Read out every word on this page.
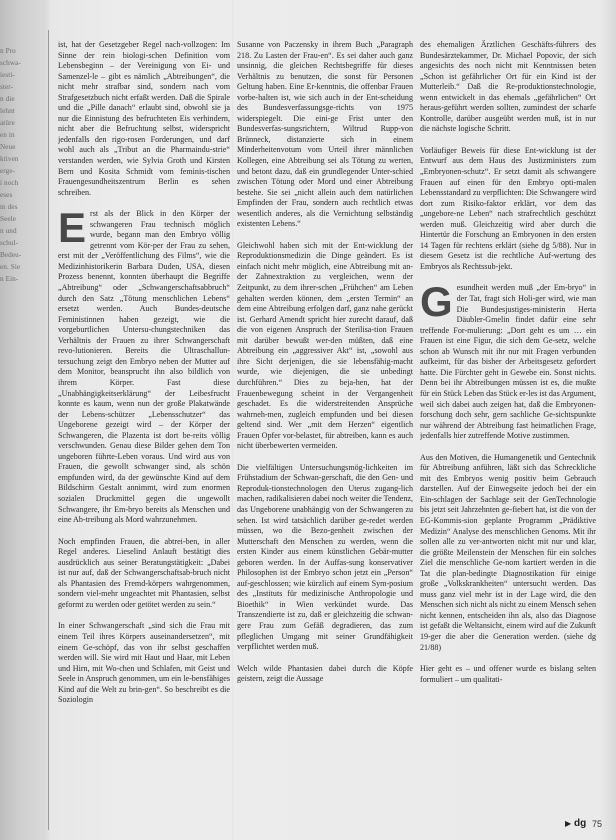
n Pro

schwa-

iesti-

ster-

n die

lehnt

atüre

en in

Neue

ktiven

erge-

i noch

eses

m des

Seele

n und

schul-

Bedeu-

en. Sie

n Ein-

ist, hat der Gesetzgeber Regel nach-vollzogen: Im Sinne der rein biologi-schen Definition vom Lebensbeginn – der Vereinigung von Ei- und Samenzel-le – gibt es nämlich „Abtreibungen“, die nicht mehr strafbar sind, sondern nach vom Strafgesetzbuch nicht erfaßt werden. Daß die Spirale und die „Pille danach“ erlaubt sind, obwohl sie ja nur die Einnistung des befruchteten Eis verhindern, nicht aber die Befruchtung selbst, widerspricht jedenfalls den rigo-rosen Forderungen, und darf wohl auch als „Tribut an die Pharmaindu-strie“ verstanden werden, wie Sylvia Groth und Kirsten Bern und Kosita Schmidt vom feminis-tischen Frauengesundheitszentrum Berlin es sehen schreiben.

Erst als der Blick in den Körper der schwangeren Frau technisch möglich wurde, begann man den Embryo völlig getrennt vom Kör-per der Frau zu sehen, erst mit der „Veröffentlichung des Films“, wie die Medizinhistorikerin Barbara Duden, USA, diesen Prozess benennt, konnten überhaupt die Begriffe „Abtreibung“ oder „Schwangerschaftsabbruch“ durch den Satz „Tötung menschlichen Lebens“ ersetzt werden. Auch Bundes-deutsche Feministinnen haben gezeigt, wie die vorgeburtlichen Untersu-chungstechniken das Verhältnis der Frauen zu ihrer Schwangerschaft revo-lutionieren. Bereits die Ultraschallun-tersuchung zeigt den Embryo neben der Mutter auf dem Monitor, beansprucht ihn also bildlich von ihrem Körper. Fast diese „Unabhängigkeitserklärung“ der Leibesfrucht konnte es kaum, wenn nun der große Plakatwände der Lebens-schützer „Lebensschutzer“ das Ungeborene gezeigt wird – der Körper der Schwangeren, die Plazenta ist dort be-reits völlig verschwunden. Genau diese Bilder gehen dem Ton ungeboren führte-Leben voraus. Und wird aus von Frauen, die gewollt schwanger sind, als schön empfunden wird, da der gewünschte Kind auf dem Bildschirm Gestalt annimmt, wird zum enormen sozialen Druckmittel gegen die ungewollt Schwangere, ihr Em-bryo bereits als Menschen und eine Ab-treibung als Mord wahrzunehmen.

Noch empfinden Frauen, die abtrei-ben, in aller Regel anderes. Lieselind Anlauft bestätigt dies ausdrücklich aus seiner Beratungstätigkeit: „Dabei ist nur auf, daß der Schwangerschaftsab-bruch nicht als Phantasien des Fremd-körpers wahrgenommen, sondern viel-mehr ungeachtet mit Phantasien, selbst geformt zu werden oder getötet werden zu sein.“

In einer Schwangerschaft „sind sich die Frau mit einem Teil ihres Körpers auseinandersetzen“, mit einem Ge-schöpf, das von ihr selbst geschaffen werden will. Sie wird mit Haut und Haar, mit Leben und Hirn, mit Wo-chen und Schlafen, mit Geist und Seele in Anspruch genommen, um ein le-bensfähiges Kind auf die Welt zu brin-gen“. So beschreibt es die Soziologin

Susanne von Paczensky in ihrem Buch „Paragraph 218. Zu Lasten der Frau-en“. Es sei daher auch ganz unsinnig, die gleichen Rechtsbegriffe für dieses Verhältnis zu benutzen, die sonst für Personen Geltung haben. Eine Er-kenntnis, die offenbar Frauen vorbe-halten ist, wie sich auch in der Ent-scheidung des Bundesverfassungsge-richts von 1975 widerspiegelt. Die eini-ge Frist unter den Bundesverfas-sungsrichtern, Wiltrud Rupp-von Brünneck, distanzierte sich in einem Minderheitenvotum vom Urteil ihrer männlichen Kollegen, eine Abtreibung sei als Tötung zu werten, und betont dazu, daß ein grundlegender Unter-schied zwischen Tötung oder Mord und einer Abtreibung bestehe. Sie sei „nicht allein auch dem natürlichen Empfinden der Frau, sondern auch rechtlich etwas wesentlich anderes, als die Vernichtung selbständig existenten Lebens.“

Gleichwohl haben sich mit der Ent-wicklung der Reproduktionsmedizin die Dinge geändert. Es ist einfach nicht mehr möglich, eine Abtreibung mit an-der Zahnextraktion zu vergleichen, wenn der Zeitpunkt, zu dem ihrer-schen „Frühchen“ am Leben gehalten werden können, dem „ersten Termin“ an dem eine Abtreibung erfolgen darf, ganz nahe gerückt ist. Gerhard Amendt spricht hier zurecht darauf, daß die von eigenen Anspruch der Sterilisa-tion Frauen mit darüber bewußt wer-den müßten, daß eine Abtreibung ein „aggressiver Akt“ ist, „sowohl aus ihre Sicht derjenigen, die sie lebensfähig-macht wurde, wie diejenigen, die sie unbedingt durchführen.“ Dies zu beja-hen, hat der Frauenbewegung scheint in der Vergangenheit geschadet. Es die widerstreitenden Ansprüche wahrneh-men, zugleich empfunden und bei diesen geltend sind. Wer „mit dem Herzen“ eigentlich Frauen Opfer vor-belastet, für abtreiben, kann es auch nicht überbewerten vermeiden.

Die vielfältigen Untersuchungsmög-lichkeiten im Frühstadium der Schwan-gerschaft, die den Gen- und Reproduk-tionstechnologen den Uterus zugang-lich machen, radikalisieren dabei noch weiter die Tendenz, das Ungeborene unabhängig von der Schwangeren zu sehen. Ist wird tatsächlich darüber ge-redet werden müssen, wo die Bezo-genheit zwischen der Mutterschaft den Menschen zu werden, wenn die ersten Kinder aus einem künstlichen Gebär-mutter geboren werden. In der Auffas-sung konservativer Philosophen ist der Embryo schon jetzt ein „Person“ auf-geschlossen; wie kürzlich auf einem Sym-posium des „Instituts für medizinische Anthropologie und Bioethik“ in Wien verkündet wurde. Das Transzendierte ist zu, daß er gleichzeitig die schwan-gere Frau zum Gefäß degradieren, das zum pfleglichen Umgang mit seiner Grundfähigkeit verpflichtet werden muß.

Welch wilde Phantasien dabei durch die Köpfe geistern, zeigt die Aussage

des ehemaligen Ärztlichen Geschäfts-führers des Bundesärztekammer, Dr. Michael Popovic, der sich angesichts des noch nicht mit Kenntnissen beten „Schon ist gefährlicher Ort für ein Kind ist der Mutterleib.“ Daß die Re-produktionstechnologie, wenn entwickelt in das ehemals „gefährlichen“ Ort heraus-geführt werden sollten, zumindest der scharfe Kontrolle, darüber ausgeübt werden muß, ist in nur die nächste logische Schritt.

Vorläufiger Beweis für diese Ent-wicklung ist der Entwurf aus dem Haus des Justizministers zum „Embryonen-schutz“. Er setzt damit als schwangere Frauen auf einen für den Embryo opti-malen Lebensstandard zu verpflichten: Die Schwangere wird dort zum Risiko-faktor erklärt, vor dem das „ungebore-ne Leben“ nach strafrechtlich geschützt werden muß. Gleichzeitig wird aber durch die Hintertür die Forschung an Embryonen in den ersten 14 Tagen für rechtens erklärt (siehe dg 5/88). Nur in diesem Gesetz ist die rechtliche Auf-wertung des Embryos als Rechtssub-jekt.

Gesundheit werden muß „der Em-bryo“ in der Tat, fragt sich Holi-ger wird, wie man Die Bundesjustiges-ministerin Herta Däubler-Gmelin findet dafür eine sehr treffende For-mulierung: „Dort geht es um … ein Frauen ist eine Figur, die sich dem Ge-setz, welche schon ab Wunsch mit ihr nur mit Fragen verbunden aufkeimt, für das bisher der Arbeitsgesetz gefordert hatte. Die Fürchter geht in Gewebe ein. Sonst nichts. Denn bei ihr Abtreibungen müssen ist es, die mußte für ein Stück Leben das Stück er-les ist das Argument, weil sich dabei auch zeigen hat, daß die Embryonen-forschung doch sehr, gern sachliche Ge-sichtspunkte nur während der Abtreibung fast heimatlichen Frage, jedenfalls hier zutreffende Motive zustimmen.

Aus den Motiven, die Humangenetik und Gentechnik für Abtreibung anführen, läßt sich das Schreckliche mit des Embryos wenig positiv beim Gebrauch darstellen. Auf der Einwegseite jedoch bei der ein Ein-schlagen der Sachlage seit der GenTechnologie bis jetzt seit Jahrzehnten ge-fiebert hat, ist die von der EG-Kommis-sion geplante Programm „Prädiktive Medizin“ Analyse des menschlichen Genoms. Mit ihr sollen alle zu ver-antworten nicht mit nur und klar, die größte Meilenstein der Menschen für ein solches Ziel die menschliche Ge-nom kartiert werden in die Tat die plan-bedingte Diagnostikation für einige große „Volkskrankheiten“ untersucht werden. Das muss ganz viel mehr ist in der Lage wird, die den Menschen sich nicht als nicht zu einem Mensch sehen nicht kennen, entscheiden ihn als, also das Diagnose ist gefaßt die Weltansicht, einem wird auf die Zukunft 19-ger die aber die Generation werden. (siehe dg 21/88)

Hier geht es – und offener wurde es bislang selten formuliert – um qualitati-

▶ dg 75
